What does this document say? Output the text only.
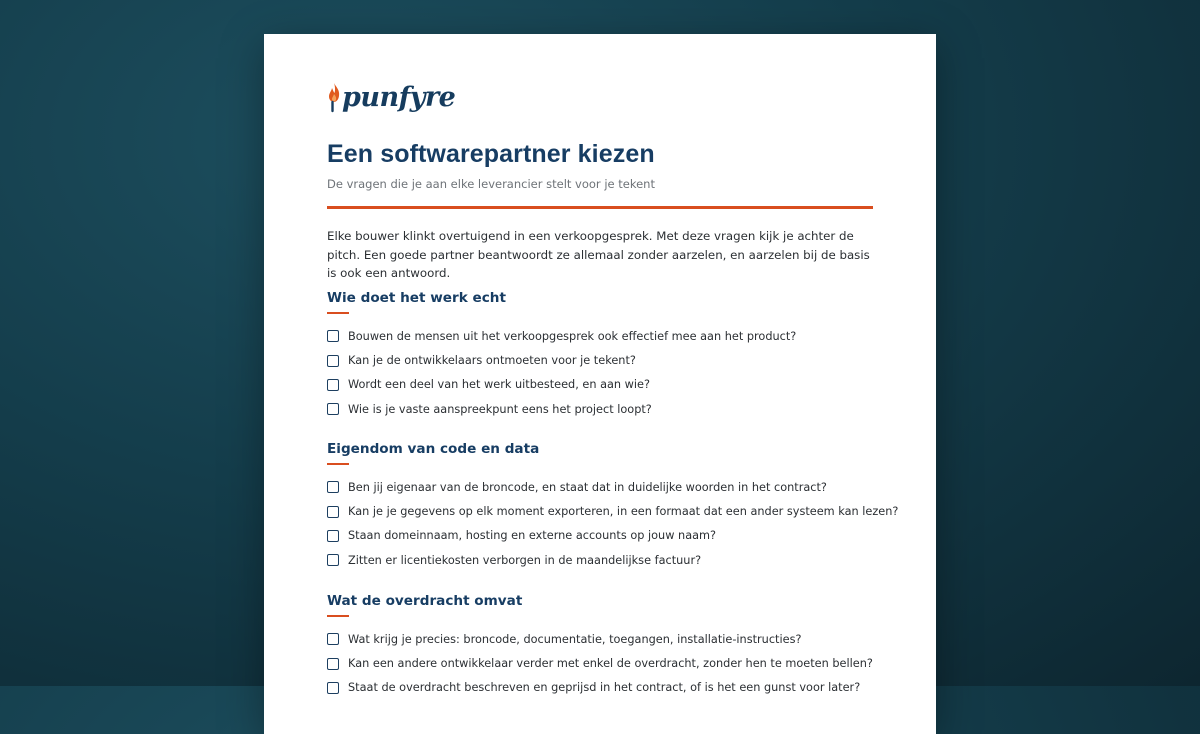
punfyre
Een softwarepartner kiezen
De vragen die je aan elke leverancier stelt voor je tekent

Elke bouwer klinkt overtuigend in een verkoopgesprek. Met deze vragen kijk je achter de pitch. Een goede partner beantwoordt ze allemaal zonder aarzelen, en aarzelen bij de basis is ook een antwoord.

Wie doet het werk echt
Bouwen de mensen uit het verkoopgesprek ook effectief mee aan het product?
Kan je de ontwikkelaars ontmoeten voor je tekent?
Wordt een deel van het werk uitbesteed, en aan wie?
Wie is je vaste aanspreekpunt eens het project loopt?
Eigendom van code en data
Ben jij eigenaar van de broncode, en staat dat in duidelijke woorden in het contract?
Kan je je gegevens op elk moment exporteren, in een formaat dat een ander systeem kan lezen?
Staan domeinnaam, hosting en externe accounts op jouw naam?
Zitten er licentiekosten verborgen in de maandelijkse factuur?
Wat de overdracht omvat
Wat krijg je precies: broncode, documentatie, toegangen, installatie-instructies?
Kan een andere ontwikkelaar verder met enkel de overdracht, zonder hen te moeten bellen?
Staat de overdracht beschreven en geprijsd in het contract, of is het een gunst voor later?
